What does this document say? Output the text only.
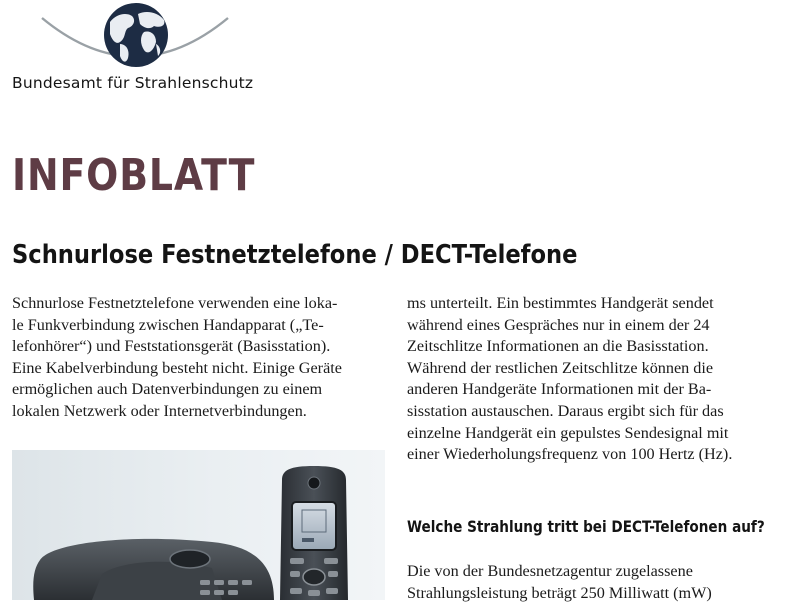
Bundesamt für Strahlenschutz
INFOBLATT
Schnurlose Festnetztelefone / DECT-Telefone
Schnurlose Festnetztelefone verwenden eine loka-
le Funkverbindung zwischen Handapparat („Te-
lefonhörer“) und Feststationsgerät (Basisstation).
Eine Kabelverbindung besteht nicht. Einige Geräte
ermöglichen auch Datenverbindungen zu einem
lokalen Netzwerk oder Internetverbindungen.
ms unterteilt. Ein bestimmtes Handgerät sendet
während eines Gespräches nur in einem der 24
Zeitschlitze Informationen an die Basisstation.
Während der restlichen Zeitschlitze können die
anderen Handgeräte Informationen mit der Ba-
sisstation austauschen. Daraus ergibt sich für das
einzelne Handgerät ein gepulstes Sendesignal mit
einer Wiederholungsfrequenz von 100 Hertz (Hz).
Welche Strahlung tritt bei DECT-Telefonen auf?
Die von der Bundesnetzagentur zugelassene
Strahlungsleistung beträgt 250 Milliwatt (mW)
